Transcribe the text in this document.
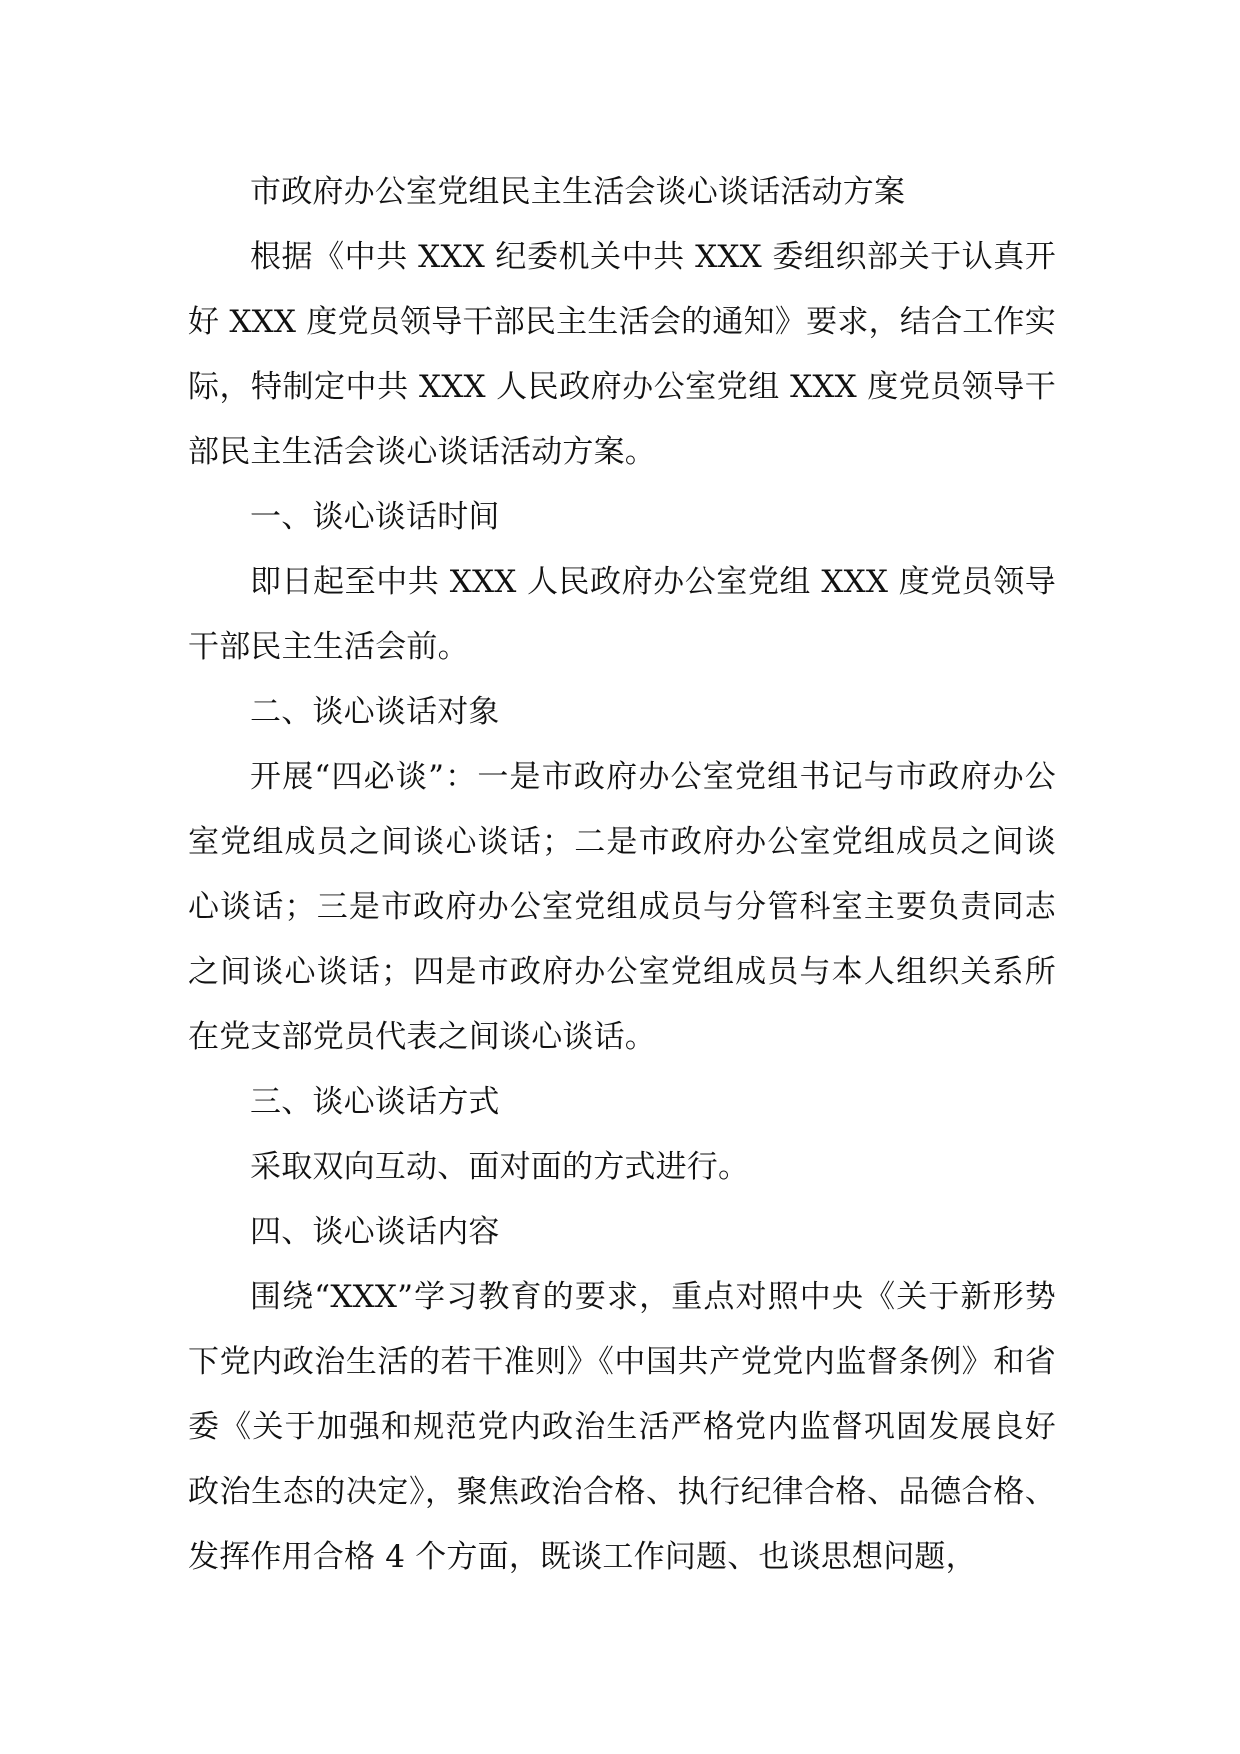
市政府办公室党组民主生活会谈心谈话活动方案

根据《中共 XXX 纪委机关中共 XXX 委组织部关于认真开好 XXX 度党员领导干部民主生活会的通知》要求，结合工作实际，特制定中共 XXX 人民政府办公室党组 XXX 度党员领导干部民主生活会谈心谈话活动方案。

一、谈心谈话时间

即日起至中共 XXX 人民政府办公室党组 XXX 度党员领导干部民主生活会前。

二、谈心谈话对象

开展“四必谈”：一是市政府办公室党组书记与市政府办公室党组成员之间谈心谈话；二是市政府办公室党组成员之间谈心谈话；三是市政府办公室党组成员与分管科室主要负责同志之间谈心谈话；四是市政府办公室党组成员与本人组织关系所在党支部党员代表之间谈心谈话。

三、谈心谈话方式

采取双向互动、面对面的方式进行。

四、谈心谈话内容

围绕“XXX”学习教育的要求，重点对照中央《关于新形势下党内政治生活的若干准则》《中国共产党党内监督条例》和省委《关于加强和规范党内政治生活严格党内监督巩固发展良好政治生态的决定》，聚焦政治合格、执行纪律合格、品德合格、发挥作用合格 4 个方面，既谈工作问题、也谈思想问题，
